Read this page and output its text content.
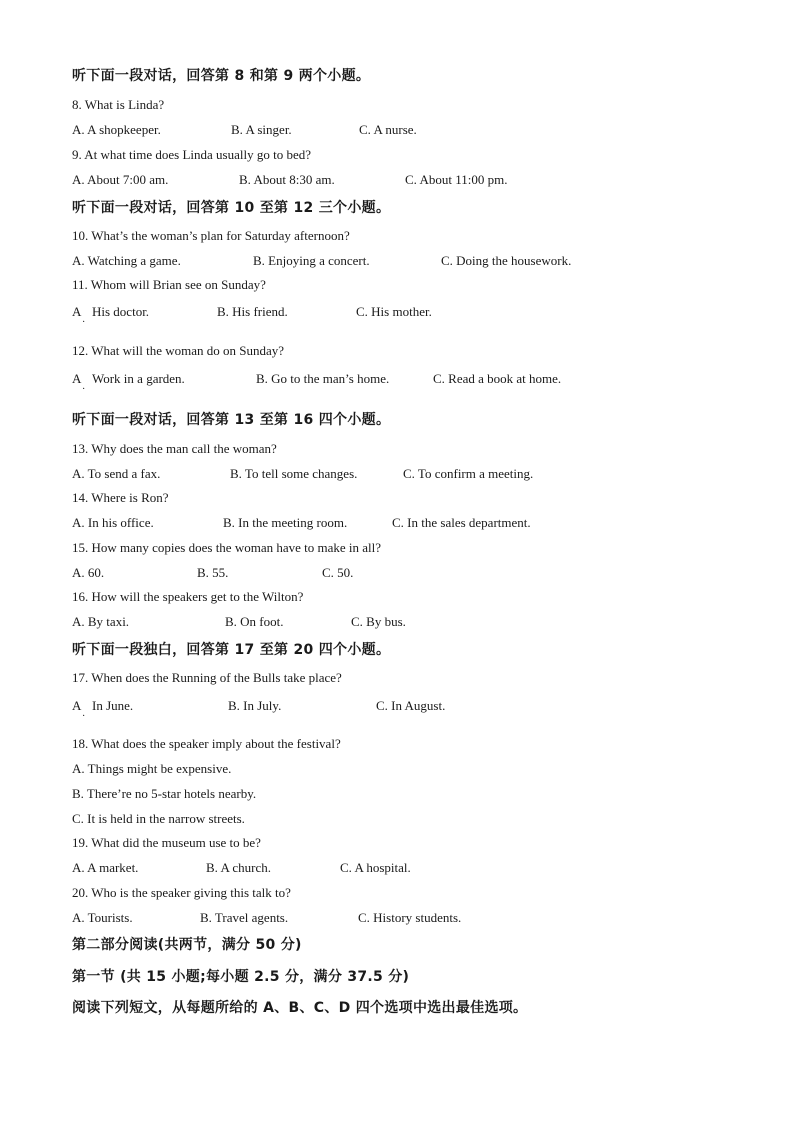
听下面一段对话，回答第 8 和第 9 两个小题。
8. What is Linda?
A. A shopkeeper.	B. A singer.	C. A nurse.
9. At what time does Linda usually go to bed?
A. About 7:00 am.	B. About 8:30 am.	C. About 11:00 pm.
听下面一段对话，回答第 10 至第 12 三个小题。
10. What’s the woman’s plan for Saturday afternoon?
A. Watching a game.	B. Enjoying a concert.	C. Doing the housework.
11. Whom will Brian see on Sunday?
A
·
His doctor.	B. His friend.	C. His mother.
12. What will the woman do on Sunday?
A
·
Work in a garden.	B. Go to the man’s home.	C. Read a book at home.
听下面一段对话，回答第 13 至第 16 四个小题。
13. Why does the man call the woman?
A. To send a fax.	B. To tell some changes.	C. To confirm a meeting.
14. Where is Ron?
A. In his office.	B. In the meeting room.	C. In the sales department.
15. How many copies does the woman have to make in all?
A. 60.	B. 55.	C. 50.
16. How will the speakers get to the Wilton?
A. By taxi.	B. On foot.	C. By bus.
听下面一段独白，回答第 17 至第 20 四个小题。
17. When does the Running of the Bulls take place?
A
·
In June.	B. In July.	C. In August.
18. What does the speaker imply about the festival?
A. Things might be expensive.
B. There’re no 5-star hotels nearby.
C. It is held in the narrow streets.
19. What did the museum use to be?
A. A market.	B. A church.	C. A hospital.
20. Who is the speaker giving this talk to?
A. Tourists.	B. Travel agents.	C. History students.
第二部分阅读(共两节，满分 50 分)
第一节 (共 15 小题;每小题 2.5 分，满分 37.5 分)
阅读下列短文，从每题所给的 A、B、C、D 四个选项中选出最佳选项。
